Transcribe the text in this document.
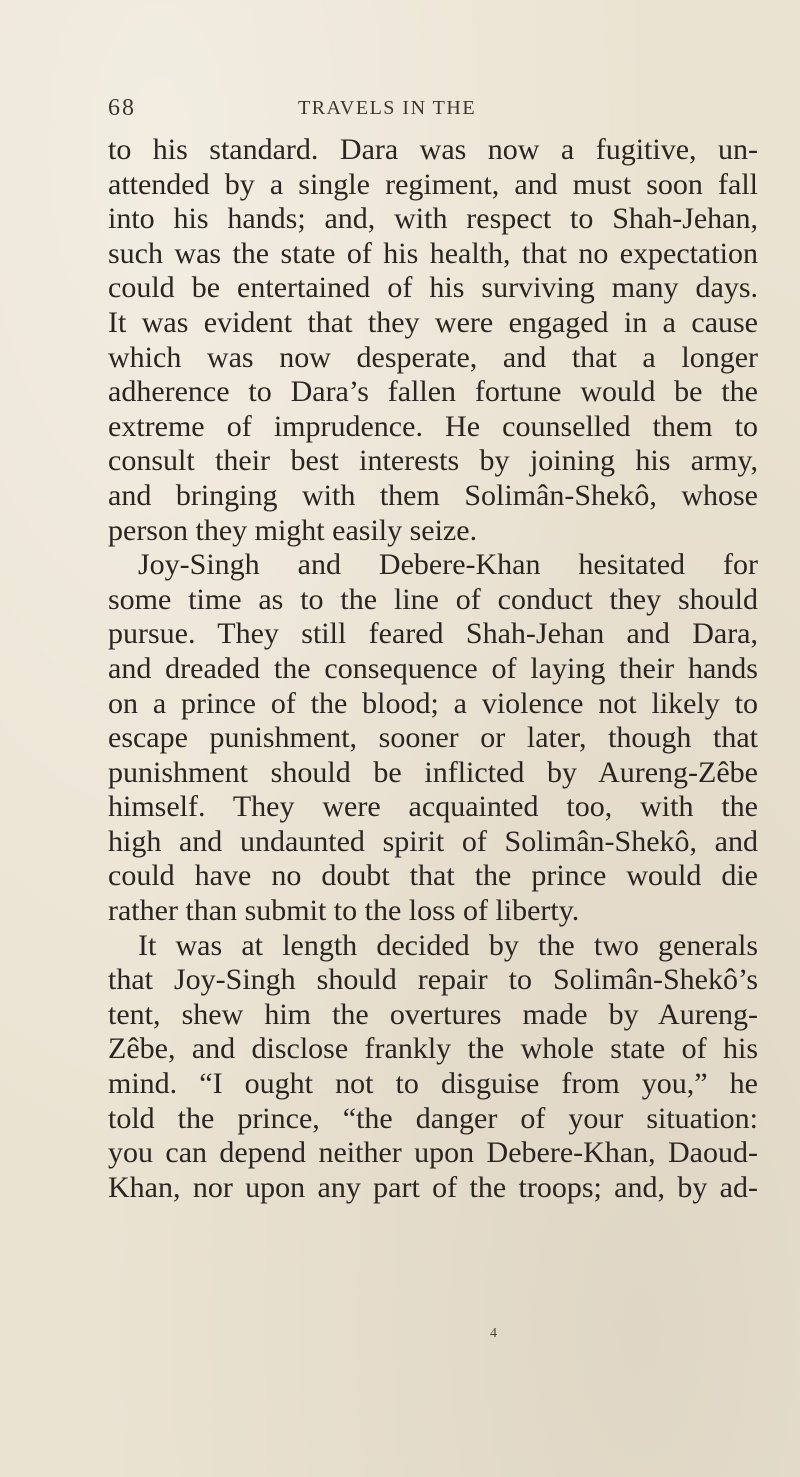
68	TRAVELS IN THE
to his standard. Dara was now a fugitive, un-
attended by a single regiment, and must soon fall
into his hands; and, with respect to Shah-Jehan,
such was the state of his health, that no expectation
could be entertained of his surviving many days.
It was evident that they were engaged in a cause
which was now desperate, and that a longer
adherence to Dara’s fallen fortune would be the
extreme of imprudence. He counselled them to
consult their best interests by joining his army,
and bringing with them Solimân-Shekô, whose
person they might easily seize.
Joy-Singh and Debere-Khan hesitated for
some time as to the line of conduct they should
pursue. They still feared Shah-Jehan and Dara,
and dreaded the consequence of laying their hands
on a prince of the blood; a violence not likely to
escape punishment, sooner or later, though that
punishment should be inflicted by Aureng-Zêbe
himself. They were acquainted too, with the
high and undaunted spirit of Solimân-Shekô, and
could have no doubt that the prince would die
rather than submit to the loss of liberty.
It was at length decided by the two generals
that Joy-Singh should repair to Solimân-Shekô’s
tent, shew him the overtures made by Aureng-
Zêbe, and disclose frankly the whole state of his
mind. “I ought not to disguise from you,” he
told the prince, “the danger of your situation:
you can depend neither upon Debere-Khan, Daoud-
Khan, nor upon any part of the troops; and, by ad-
4
